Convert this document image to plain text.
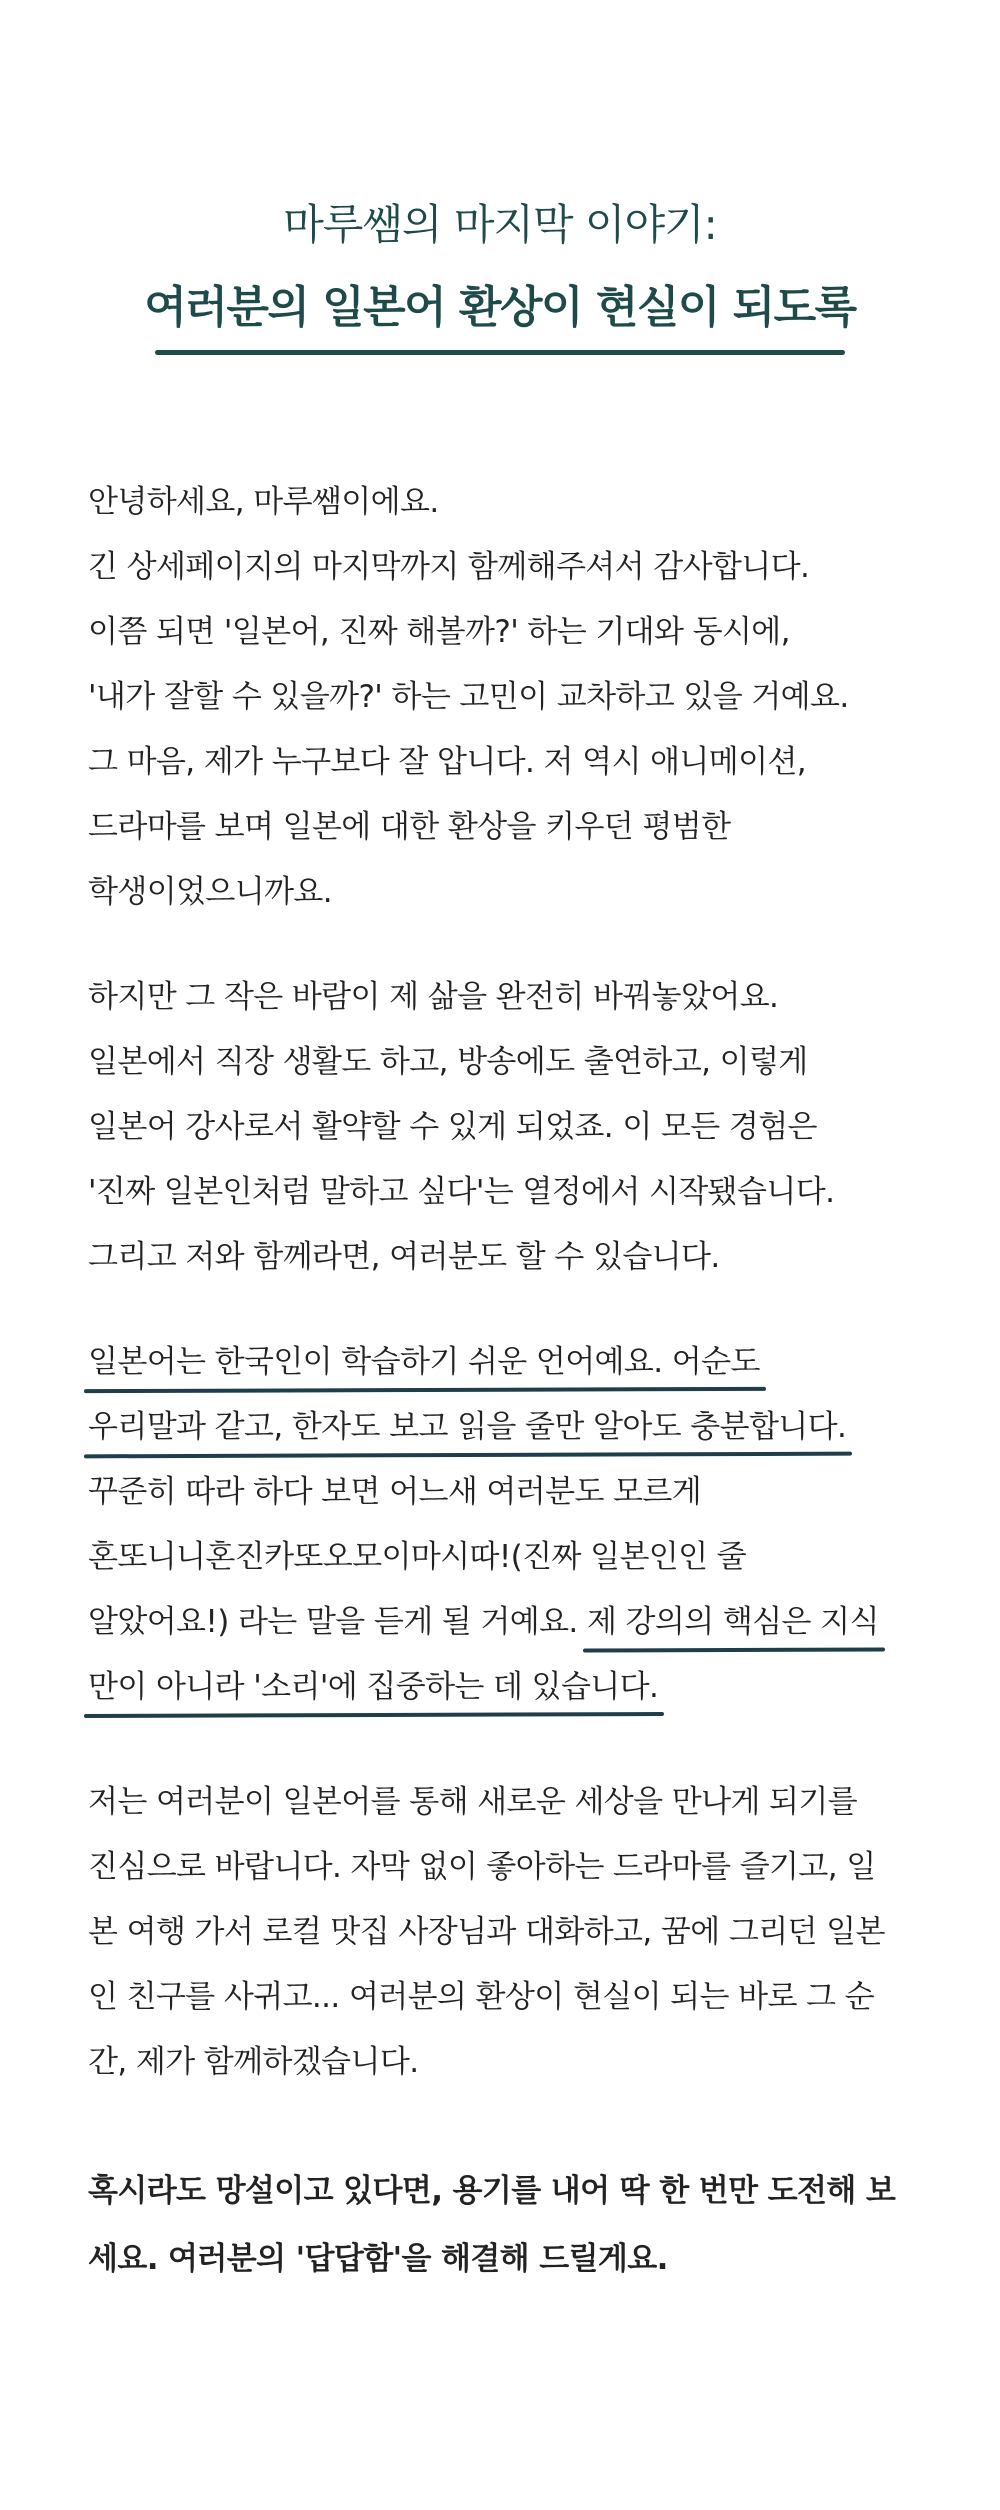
마루쌤의 마지막 이야기:
여러분의 일본어 환상이 현실이 되도록
안녕하세요, 마루쌤이에요.
긴 상세페이지의 마지막까지 함께해주셔서 감사합니다.
이쯤 되면 '일본어, 진짜 해볼까?' 하는 기대와 동시에,
'내가 잘할 수 있을까?' 하는 고민이 교차하고 있을 거예요.
그 마음, 제가 누구보다 잘 압니다. 저 역시 애니메이션,
드라마를 보며 일본에 대한 환상을 키우던 평범한
학생이었으니까요.
하지만 그 작은 바람이 제 삶을 완전히 바꿔놓았어요.
일본에서 직장 생활도 하고, 방송에도 출연하고, 이렇게
일본어 강사로서 활약할 수 있게 되었죠. 이 모든 경험은
'진짜 일본인처럼 말하고 싶다'는 열정에서 시작됐습니다.
그리고 저와 함께라면, 여러분도 할 수 있습니다.
일본어는 한국인이 학습하기 쉬운 언어예요. 어순도
우리말과 같고, 한자도 보고 읽을 줄만 알아도 충분합니다.
꾸준히 따라 하다 보면 어느새 여러분도 모르게
혼또니니혼진카또오모이마시따!(진짜 일본인인 줄
알았어요!) 라는 말을 듣게 될 거예요. 제 강의의 핵심은 지식
만이 아니라 '소리'에 집중하는 데 있습니다.
저는 여러분이 일본어를 통해 새로운 세상을 만나게 되기를
진심으로 바랍니다. 자막 없이 좋아하는 드라마를 즐기고, 일
본 여행 가서 로컬 맛집 사장님과 대화하고, 꿈에 그리던 일본
인 친구를 사귀고... 여러분의 환상이 현실이 되는 바로 그 순
간, 제가 함께하겠습니다.
혹시라도 망설이고 있다면, 용기를 내어 딱 한 번만 도전해 보
세요. 여러분의 '답답함'을 해결해 드릴게요.
